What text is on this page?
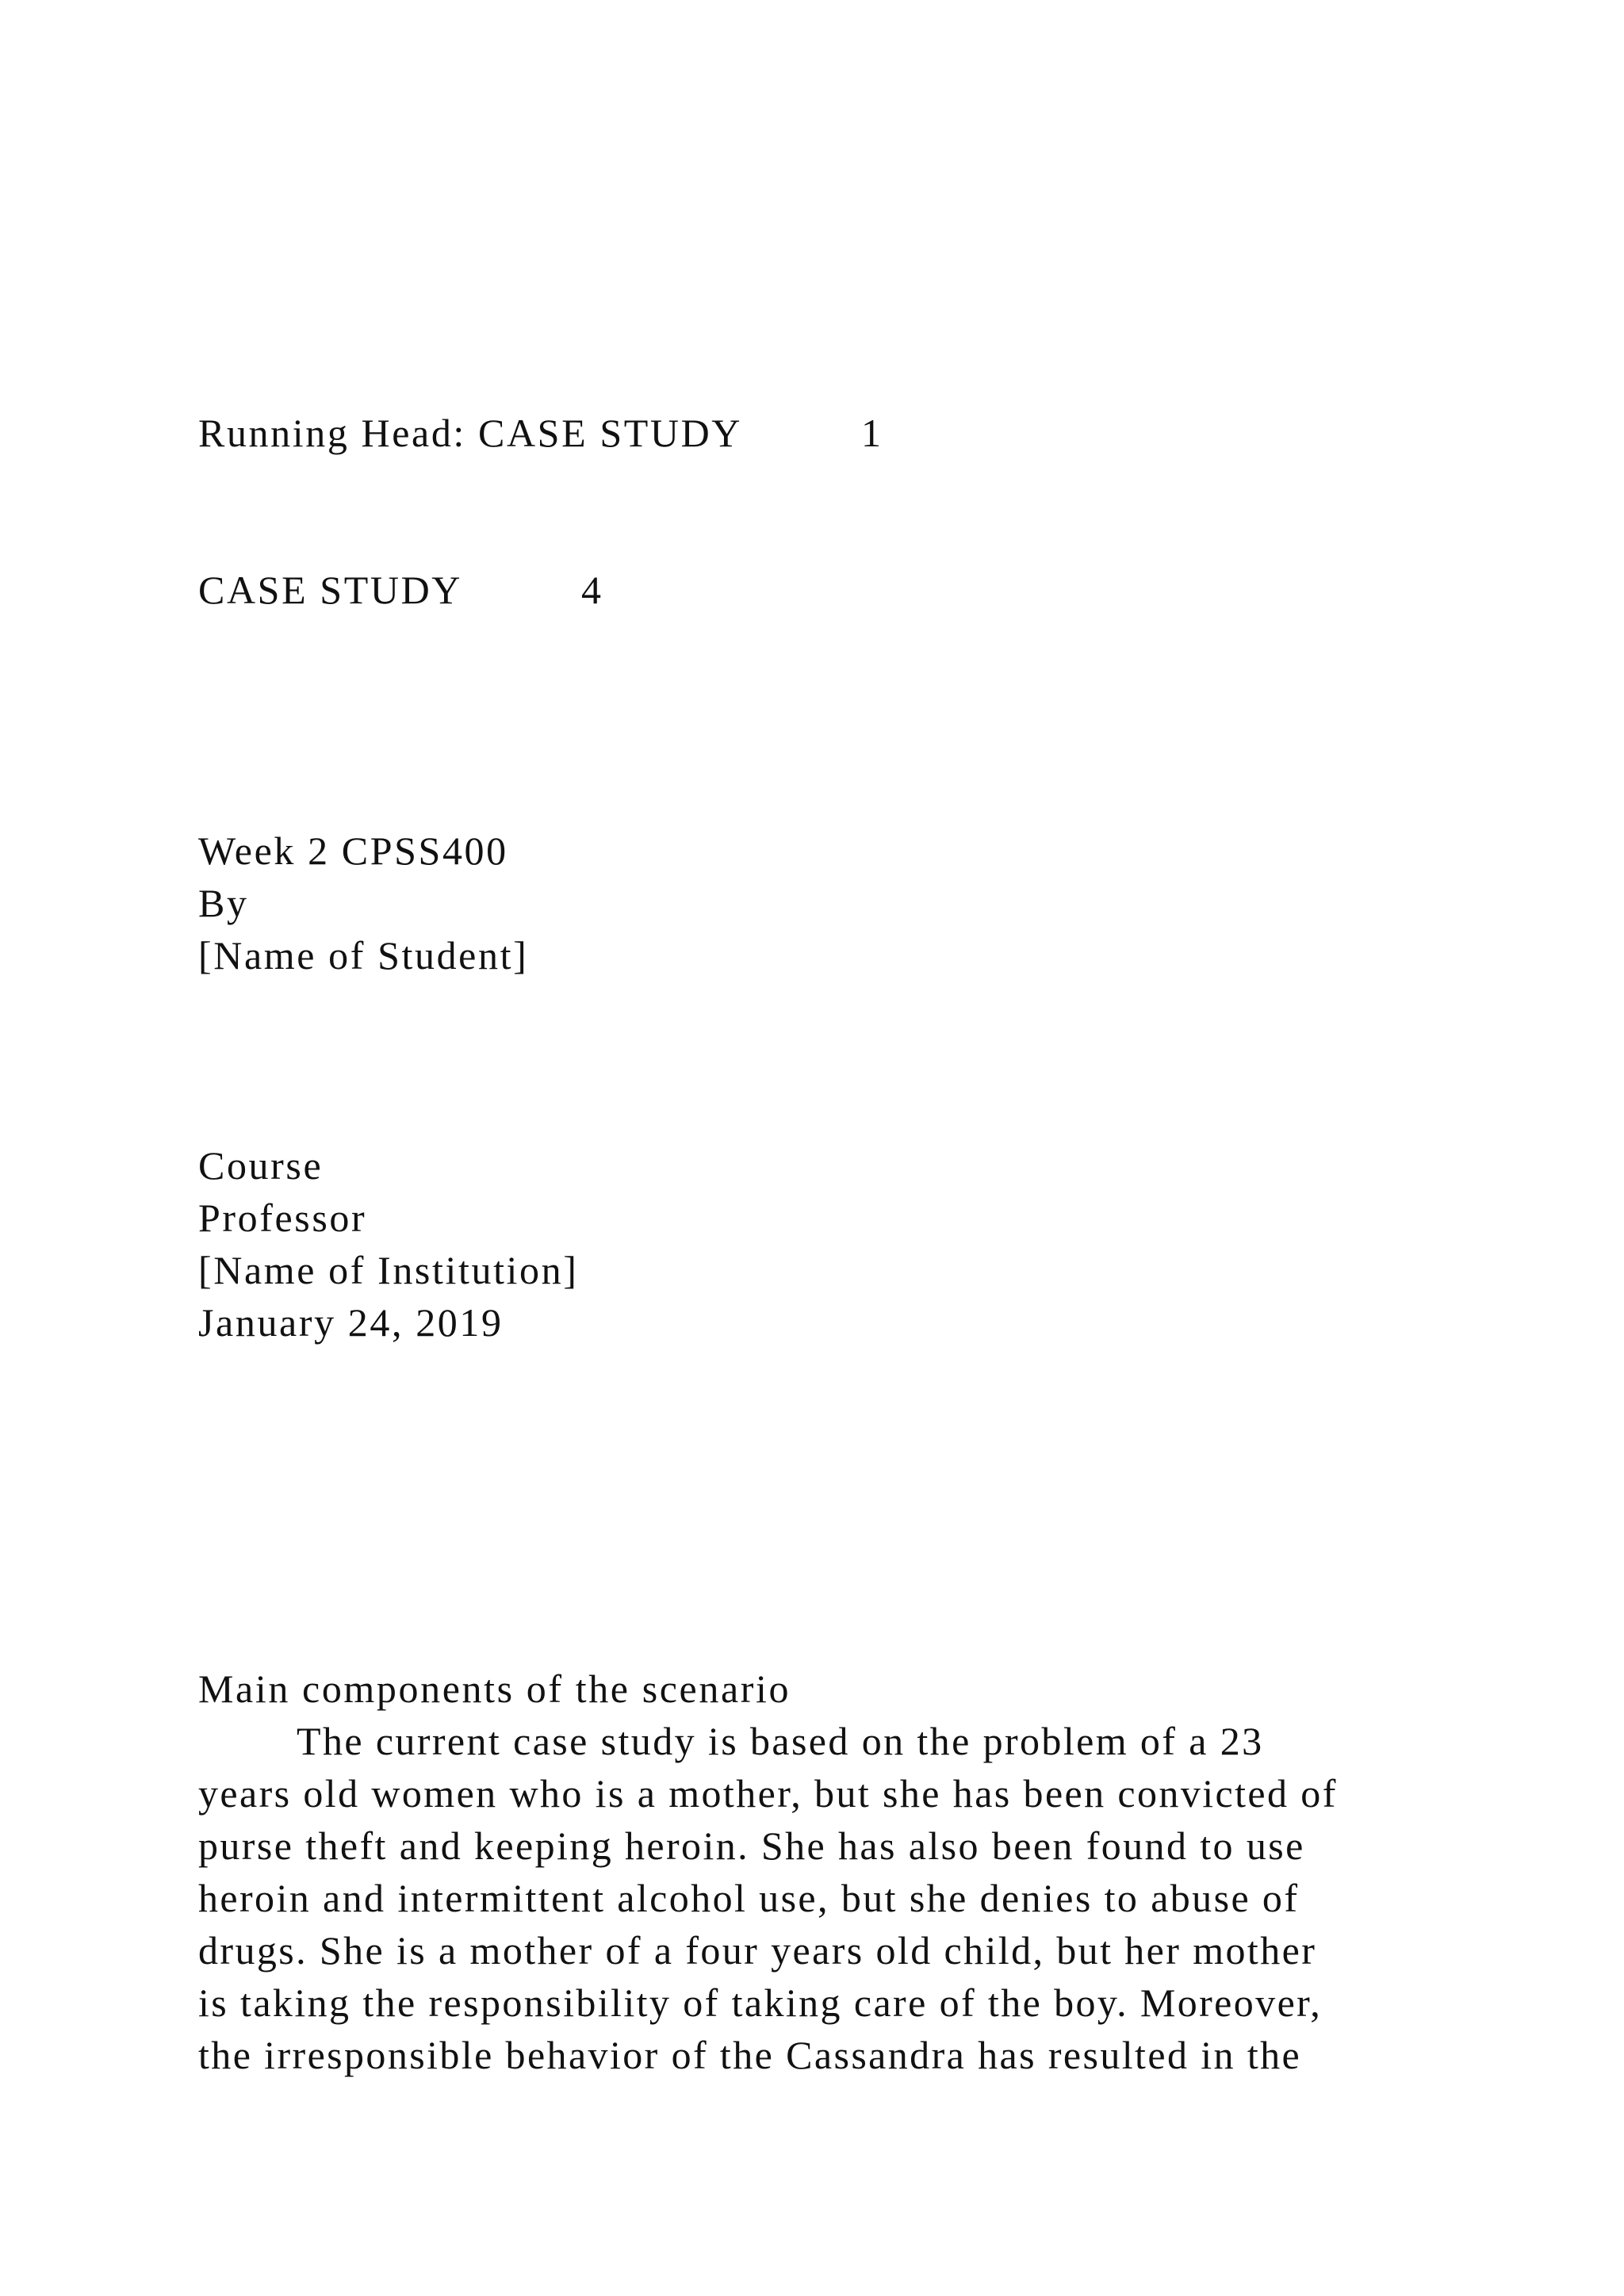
Running Head: CASE STUDY	1

CASE STUDY	4

Week 2 CPSS400

By

[Name of Student]

Course

Professor

[Name of Institution]

January 24, 2019

Main components of the scenario

The current case study is based on the problem of a 23

years old women who is a mother, but she has been convicted of

purse theft and keeping heroin. She has also been found to use

heroin and intermittent alcohol use, but she denies to abuse of

drugs. She is a mother of a four years old child, but her mother

is taking the responsibility of taking care of the boy. Moreover,

the irresponsible behavior of the Cassandra has resulted in the
